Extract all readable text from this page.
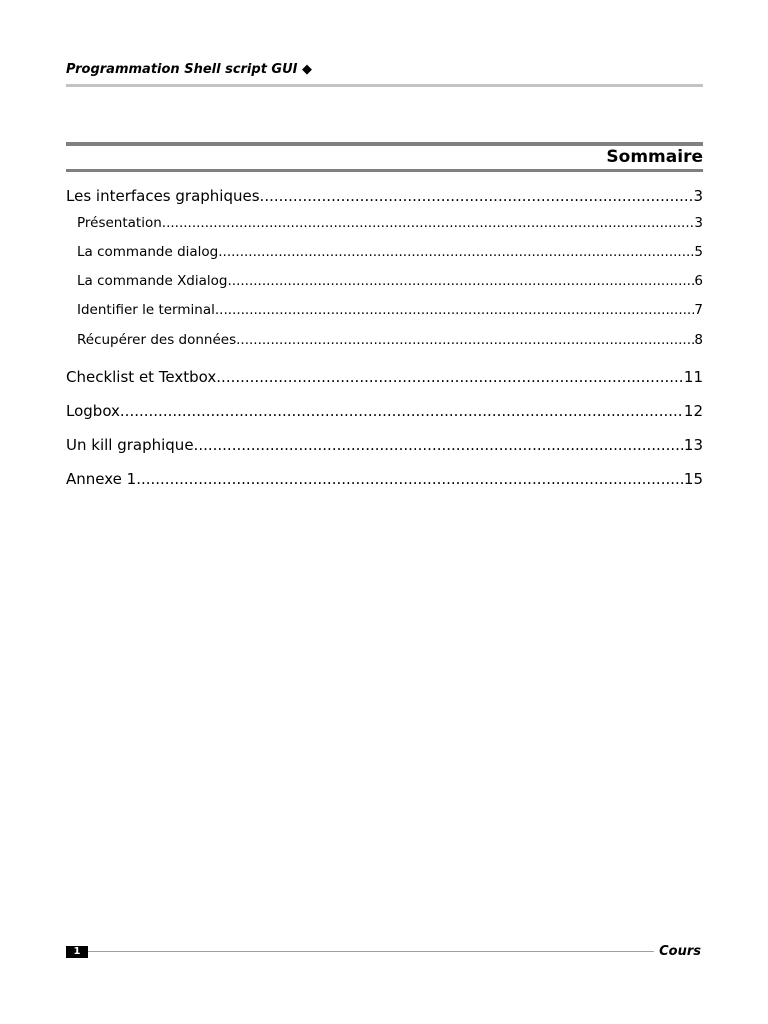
Programmation Shell script GUI ◆
Sommaire
Les interfaces graphiques .....	3
Présentation .....	3
La commande dialog .....	5
La commande Xdialog .....	6
Identifier le terminal .....	7
Récupérer des données .....	8
Checklist et Textbox .....	11
Logbox .....	12
Un kill graphique .....	13
Annexe 1 .....	15
1	Cours
